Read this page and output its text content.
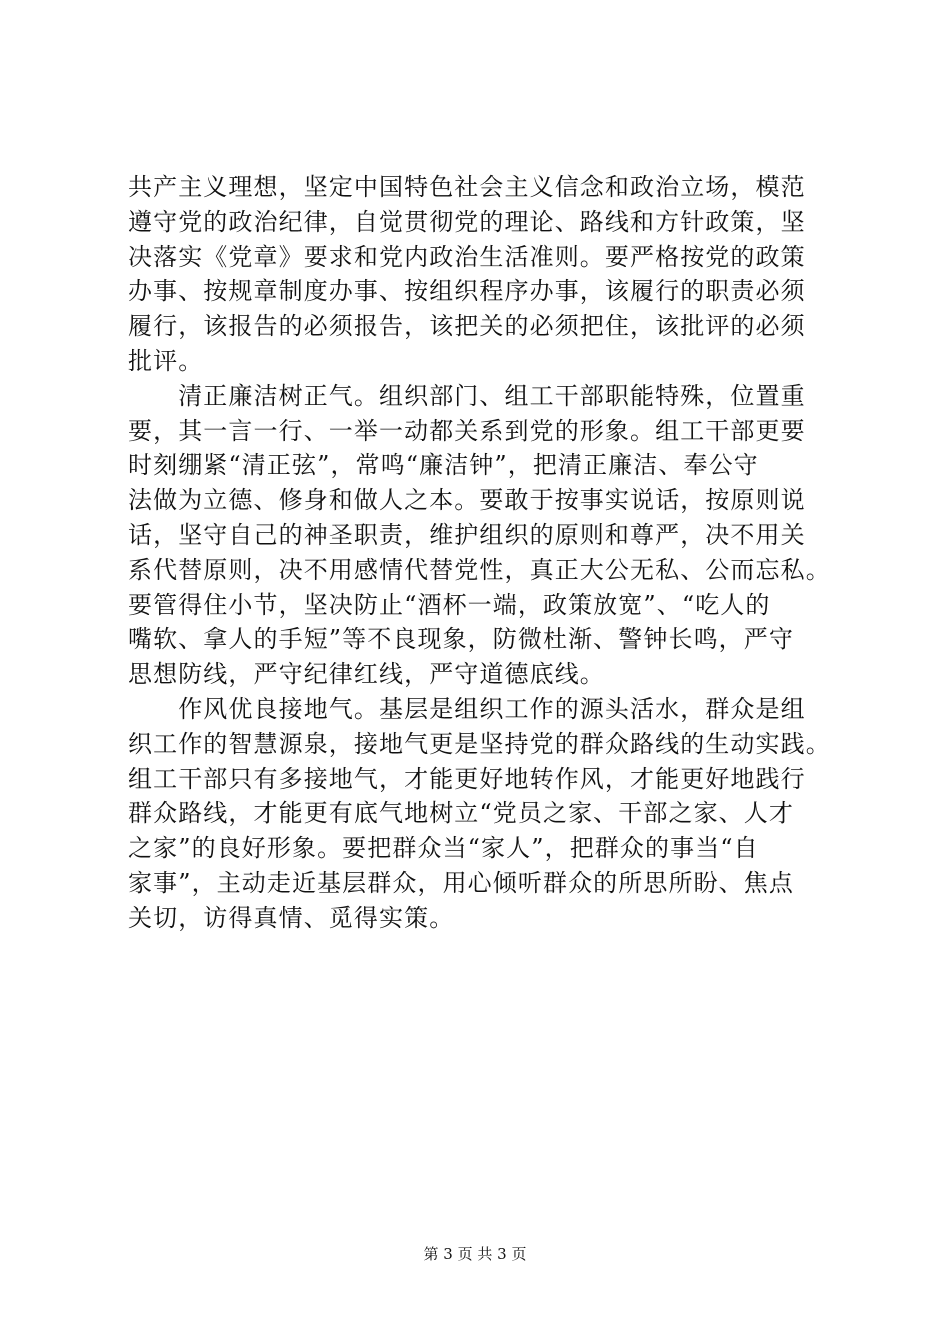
共产主义理想，坚定中国特色社会主义信念和政治立场，模范
遵守党的政治纪律，自觉贯彻党的理论、路线和方针政策，坚
决落实《党章》要求和党内政治生活准则。要严格按党的政策
办事、按规章制度办事、按组织程序办事，该履行的职责必须
履行，该报告的必须报告，该把关的必须把住，该批评的必须
批评。
　　清正廉洁树正气。组织部门、组工干部职能特殊，位置重
要，其一言一行、一举一动都关系到党的形象。组工干部更要
时刻绷紧“清正弦”，常鸣“廉洁钟”，把清正廉洁、奉公守
法做为立德、修身和做人之本。要敢于按事实说话，按原则说
话，坚守自己的神圣职责，维护组织的原则和尊严，决不用关
系代替原则，决不用感情代替党性，真正大公无私、公而忘私。
要管得住小节，坚决防止“酒杯一端，政策放宽”、“吃人的
嘴软、拿人的手短”等不良现象，防微杜渐、警钟长鸣，严守
思想防线，严守纪律红线，严守道德底线。
　　作风优良接地气。基层是组织工作的源头活水，群众是组
织工作的智慧源泉，接地气更是坚持党的群众路线的生动实践。
组工干部只有多接地气，才能更好地转作风，才能更好地践行
群众路线，才能更有底气地树立“党员之家、干部之家、人才
之家”的良好形象。要把群众当“家人”，把群众的事当“自
家事”，主动走近基层群众，用心倾听群众的所思所盼、焦点
关切，访得真情、觅得实策。
第 3 页 共 3 页
